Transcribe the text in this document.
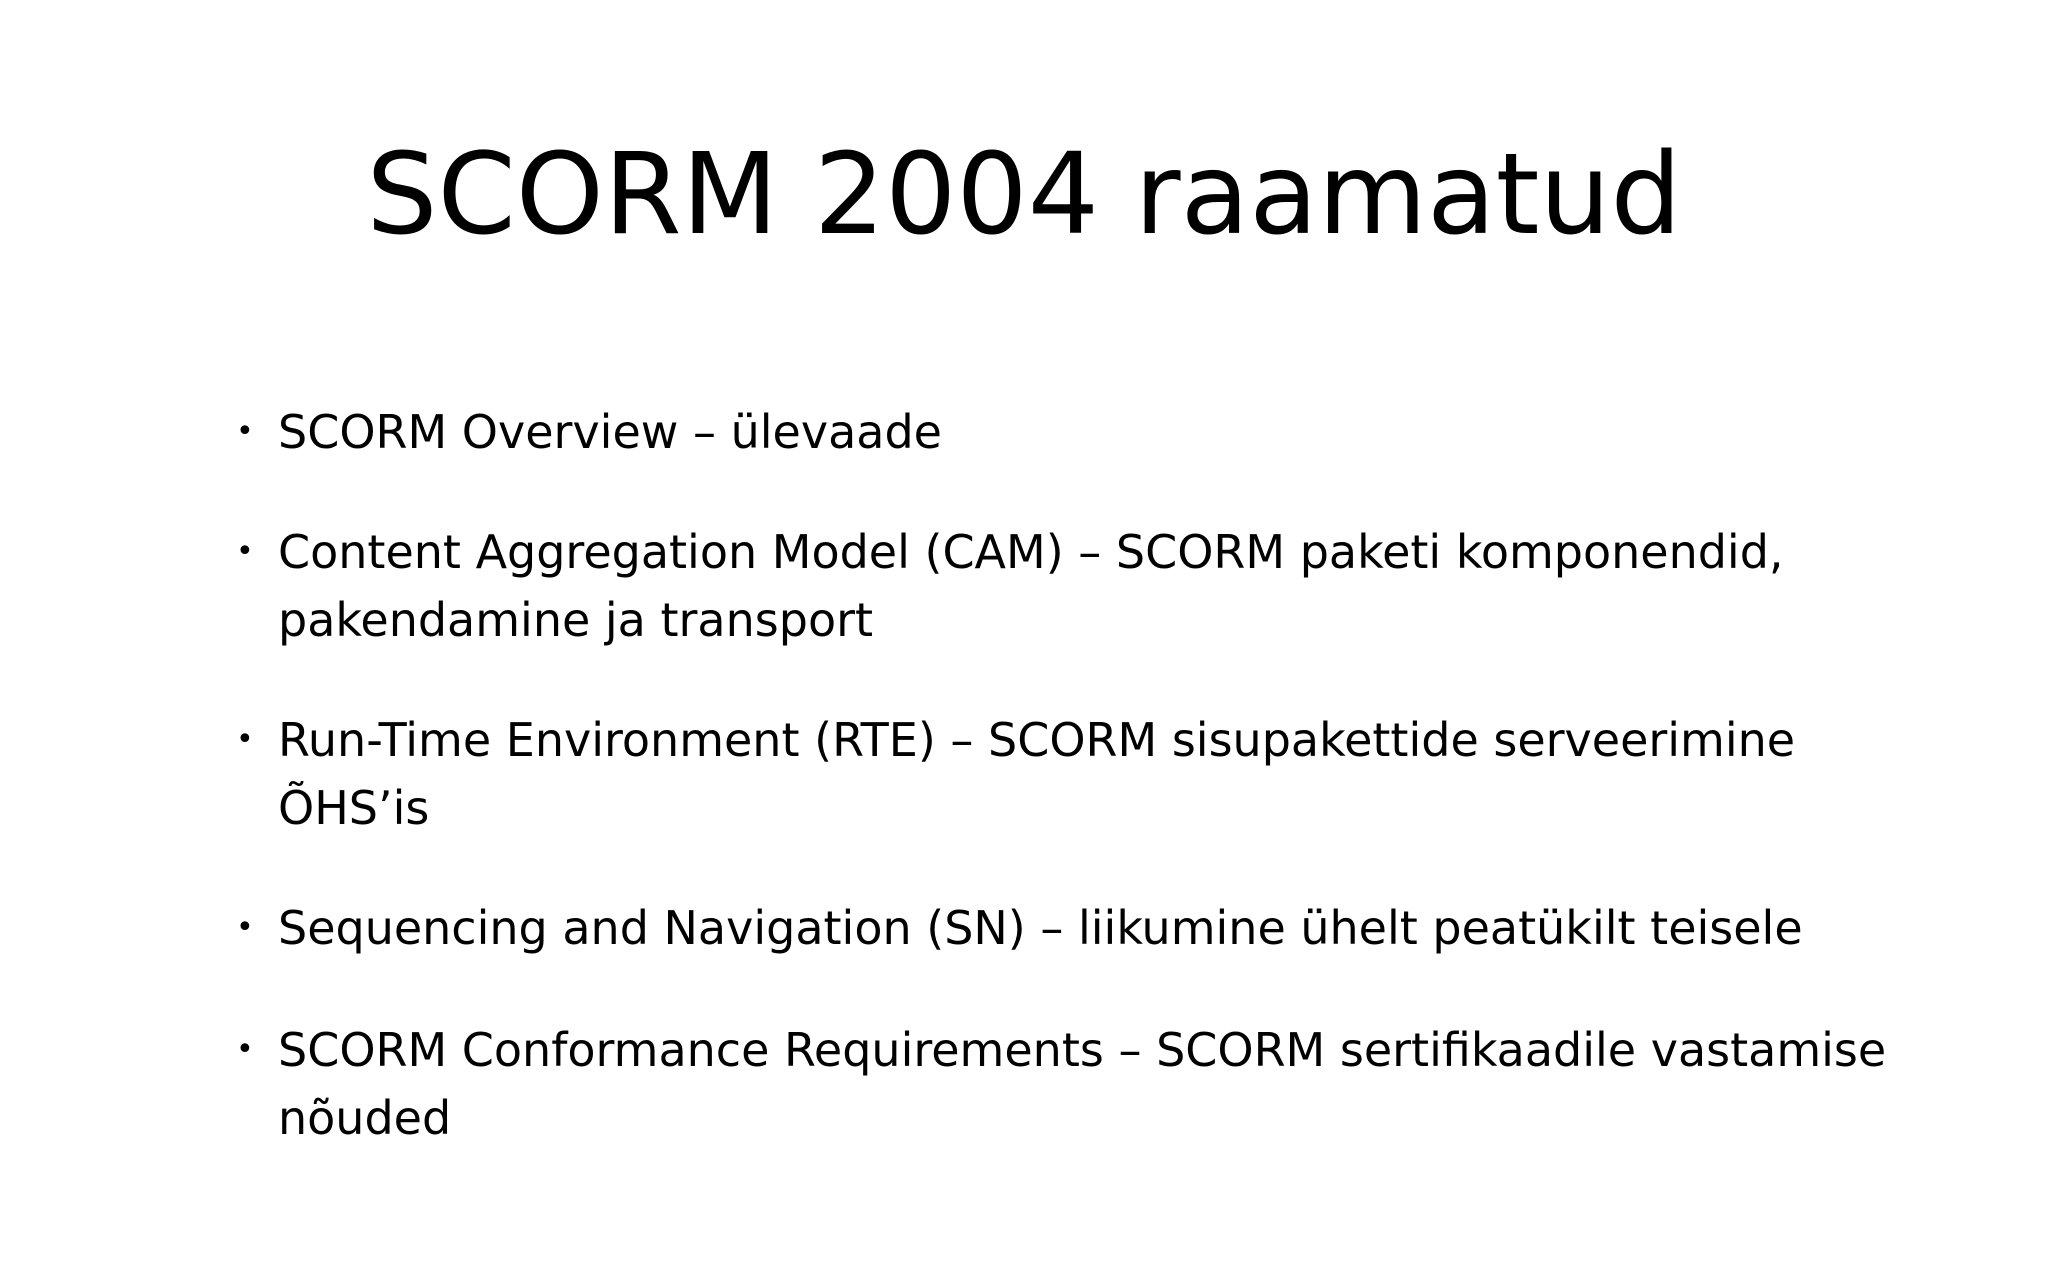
SCORM 2004 raamatud
• SCORM Overview – ülevaade
• Content Aggregation Model (CAM) – SCORM paketi komponendid, pakendamine ja transport
• Run-Time Environment (RTE) – SCORM sisupakettide serveerimine ÕHS’is
• Sequencing and Navigation (SN) – liikumine ühelt peatükilt teisele
• SCORM Conformance Requirements – SCORM sertifikaadile vastamise nõuded
